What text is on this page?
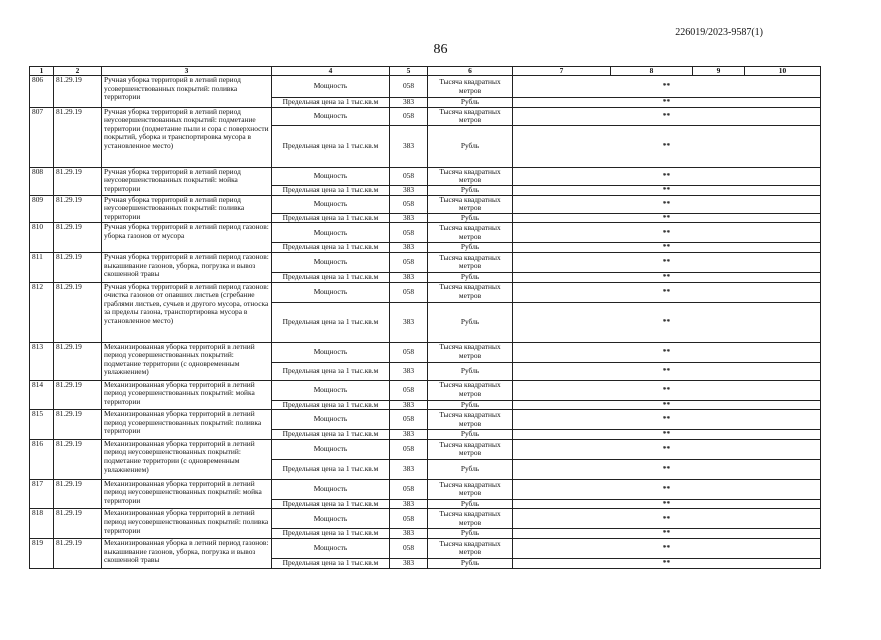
226019/2023-9587(1)
86
1	2	3	4	5	6	7	8	9	10
806	81.29.19	Ручная уборка территорий в летний период усовершенствованных покрытий: поливка территории	Мощность	058	Тысяча квадратных метров	**			
			Предельная цена за 1 тыс.кв.м	383	Рубль	**			
807	81.29.19	Ручная уборка территорий в летний период неусовершенствованных покрытий: подметание территории (подметание пыли и сора с поверхности покрытий, уборка и транспортировка мусора в установленное место)	Мощность	058	Тысяча квадратных метров	**			
			Предельная цена за 1 тыс.кв.м	383	Рубль	**			
808	81.29.19	Ручная уборка территорий в летний период неусовершенствованных покрытий: мойка территории	Мощность	058	Тысяча квадратных метров	**			
			Предельная цена за 1 тыс.кв.м	383	Рубль	**			
809	81.29.19	Ручная уборка территорий в летний период неусовершенствованных покрытий: поливка территории	Мощность	058	Тысяча квадратных метров	**			
			Предельная цена за 1 тыс.кв.м	383	Рубль	**			
810	81.29.19	Ручная уборка территорий в летний период газонов: уборка газонов от мусора	Мощность	058	Тысяча квадратных метров	**			
			Предельная цена за 1 тыс.кв.м	383	Рубль	**			
811	81.29.19	Ручная уборка территорий в летний период газонов: выкашивание газонов, уборка, погрузка и вывоз скошенной травы	Мощность	058	Тысяча квадратных метров	**			
			Предельная цена за 1 тыс.кв.м	383	Рубль	**			
812	81.29.19	Ручная уборка территорий в летний период газонов: очистка газонов от опавших листьев (сгребание граблями листьев, сучьев и другого мусора, относка за пределы газона, транспортировка мусора в установленное место)	Мощность	058	Тысяча квадратных метров	**			
			Предельная цена за 1 тыс.кв.м	383	Рубль	**			
813	81.29.19	Механизированная уборка территорий в летний период усовершенствованных покрытий: подметание территории (с одновременным увлажнением)	Мощность	058	Тысяча квадратных метров	**			
			Предельная цена за 1 тыс.кв.м	383	Рубль	**			
814	81.29.19	Механизированная уборка территорий в летний период усовершенствованных покрытий: мойка территории	Мощность	058	Тысяча квадратных метров	**			
			Предельная цена за 1 тыс.кв.м	383	Рубль	**			
815	81.29.19	Механизированная уборка территорий в летний период усовершенствованных покрытий: поливка территории	Мощность	058	Тысяча квадратных метров	**			
			Предельная цена за 1 тыс.кв.м	383	Рубль	**			
816	81.29.19	Механизированная уборка территорий в летний период неусовершенствованных покрытий: подметание территории (с одновременным увлажнением)	Мощность	058	Тысяча квадратных метров	**			
			Предельная цена за 1 тыс.кв.м	383	Рубль	**			
817	81.29.19	Механизированная уборка территорий в летний период неусовершенствованных покрытий: мойка территории	Мощность	058	Тысяча квадратных метров	**			
			Предельная цена за 1 тыс.кв.м	383	Рубль	**			
818	81.29.19	Механизированная уборка территорий в летний период неусовершенствованных покрытий: поливка территории	Мощность	058	Тысяча квадратных метров	**			
			Предельная цена за 1 тыс.кв.м	383	Рубль	**			
819	81.29.19	Механизированная уборка в летний период газонов: выкашивание газонов, уборка, погрузка и вывоз скошенной травы	Мощность	058	Тысяча квадратных метров	**			
			Предельная цена за 1 тыс.кв.м	383	Рубль	**			
